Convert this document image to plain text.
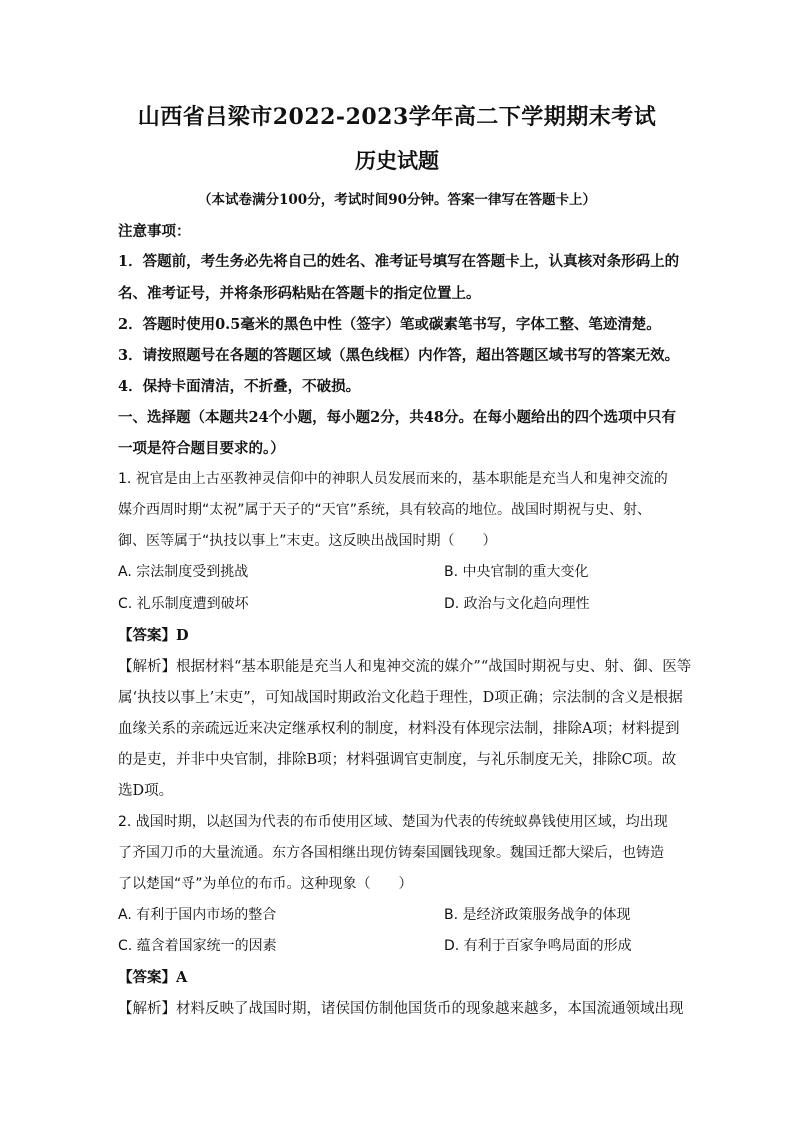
山西省吕梁市2022-2023学年高二下学期期末考试
历史试题
（本试卷满分100分，考试时间90分钟。答案一律写在答题卡上）
注意事项：
1．答题前，考生务必先将自己的姓名、准考证号填写在答题卡上，认真核对条形码上的
名、准考证号，并将条形码粘贴在答题卡的指定位置上。
2．答题时使用0.5毫米的黑色中性（签字）笔或碳素笔书写，字体工整、笔迹清楚。
3．请按照题号在各题的答题区域（黑色线框）内作答，超出答题区域书写的答案无效。
4．保持卡面清洁，不折叠，不破损。
一、选择题（本题共24个小题，每小题2分，共48分。在每小题给出的四个选项中只有
一项是符合题目要求的。）
1. 祝官是由上古巫教神灵信仰中的神职人员发展而来的，基本职能是充当人和鬼神交流的
媒介西周时期“太祝”属于天子的“天官”系统，具有较高的地位。战国时期祝与史、射、
御、医等属于“执技以事上”末吏。这反映出战国时期（　　）
A. 宗法制度受到挑战	B. 中央官制的重大变化
C. 礼乐制度遭到破坏	D. 政治与文化趋向理性
【答案】D
【解析】根据材料“基本职能是充当人和鬼神交流的媒介”“战国时期祝与史、射、御、医等
属‘执技以事上’末吏”，可知战国时期政治文化趋于理性，D项正确；宗法制的含义是根据
血缘关系的亲疏远近来决定继承权利的制度，材料没有体现宗法制，排除A项；材料提到
的是吏，并非中央官制，排除B项；材料强调官吏制度，与礼乐制度无关，排除C项。故
选D项。
2. 战国时期，以赵国为代表的布币使用区域、楚国为代表的传统蚁鼻钱使用区域，均出现
了齐国刀币的大量流通。东方各国相继出现仿铸秦国圜钱现象。魏国迁都大梁后，也铸造
了以楚国“寽”为单位的布币。这种现象（　　）
A. 有利于国内市场的整合	B. 是经济政策服务战争的体现
C. 蕴含着国家统一的因素	D. 有利于百家争鸣局面的形成
【答案】A
【解析】材料反映了战国时期，诸侯国仿制他国货币的现象越来越多，本国流通领域出现
